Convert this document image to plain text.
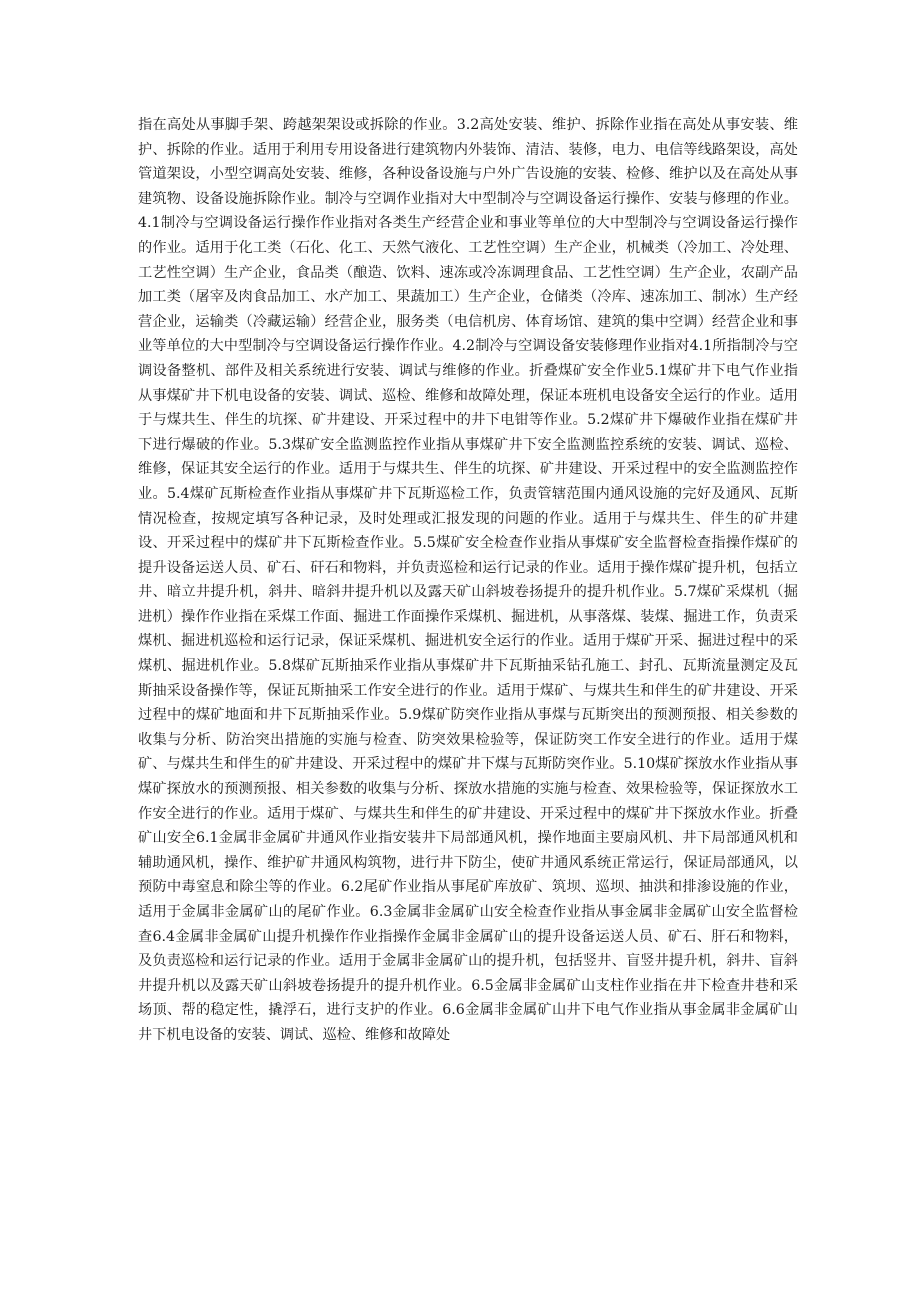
指在高处从事脚手架、跨越架架设或拆除的作业。3.2高处安装、维护、拆除作业指在高处从事安装、维护、拆除的作业。适用于利用专用设备进行建筑物内外装饰、清洁、装修，电力、电信等线路架设，高处管道架设，小型空调高处安装、维修，各种设备设施与户外广告设施的安装、检修、维护以及在高处从事建筑物、设备设施拆除作业。制冷与空调作业指对大中型制冷与空调设备运行操作、安装与修理的作业。4.1制冷与空调设备运行操作作业指对各类生产经营企业和事业等单位的大中型制冷与空调设备运行操作的作业。适用于化工类（石化、化工、天然气液化、工艺性空调）生产企业，机械类（冷加工、冷处理、工艺性空调）生产企业，食品类（酿造、饮料、速冻或冷冻调理食品、工艺性空调）生产企业，农副产品加工类（屠宰及肉食品加工、水产加工、果蔬加工）生产企业，仓储类（冷库、速冻加工、制冰）生产经营企业，运输类（冷藏运输）经营企业，服务类（电信机房、体育场馆、建筑的集中空调）经营企业和事业等单位的大中型制冷与空调设备运行操作作业。4.2制冷与空调设备安装修理作业指对4.1所指制冷与空调设备整机、部件及相关系统进行安装、调试与维修的作业。折叠煤矿安全作业5.1煤矿井下电气作业指从事煤矿井下机电设备的安装、调试、巡检、维修和故障处理，保证本班机电设备安全运行的作业。适用于与煤共生、伴生的坑探、矿井建设、开采过程中的井下电钳等作业。5.2煤矿井下爆破作业指在煤矿井下进行爆破的作业。5.3煤矿安全监测监控作业指从事煤矿井下安全监测监控系统的安装、调试、巡检、维修，保证其安全运行的作业。适用于与煤共生、伴生的坑探、矿井建设、开采过程中的安全监测监控作业。5.4煤矿瓦斯检查作业指从事煤矿井下瓦斯巡检工作，负责管辖范围内通风设施的完好及通风、瓦斯情况检查，按规定填写各种记录，及时处理或汇报发现的问题的作业。适用于与煤共生、伴生的矿井建设、开采过程中的煤矿井下瓦斯检查作业。5.5煤矿安全检查作业指从事煤矿安全监督检查指操作煤矿的提升设备运送人员、矿石、矸石和物料，并负责巡检和运行记录的作业。适用于操作煤矿提升机，包括立井、暗立井提升机，斜井、暗斜井提升机以及露天矿山斜坡卷扬提升的提升机作业。5.7煤矿采煤机（掘进机）操作作业指在采煤工作面、掘进工作面操作采煤机、掘进机，从事落煤、装煤、掘进工作，负责采煤机、掘进机巡检和运行记录，保证采煤机、掘进机安全运行的作业。适用于煤矿开采、掘进过程中的采煤机、掘进机作业。5.8煤矿瓦斯抽采作业指从事煤矿井下瓦斯抽采钻孔施工、封孔、瓦斯流量测定及瓦斯抽采设备操作等，保证瓦斯抽采工作安全进行的作业。适用于煤矿、与煤共生和伴生的矿井建设、开采过程中的煤矿地面和井下瓦斯抽采作业。5.9煤矿防突作业指从事煤与瓦斯突出的预测预报、相关参数的收集与分析、防治突出措施的实施与检查、防突效果检验等，保证防突工作安全进行的作业。适用于煤矿、与煤共生和伴生的矿井建设、开采过程中的煤矿井下煤与瓦斯防突作业。5.10煤矿探放水作业指从事煤矿探放水的预测预报、相关参数的收集与分析、探放水措施的实施与检查、效果检验等，保证探放水工作安全进行的作业。适用于煤矿、与煤共生和伴生的矿井建设、开采过程中的煤矿井下探放水作业。折叠矿山安全6.1金属非金属矿井通风作业指安装井下局部通风机，操作地面主要扇风机、井下局部通风机和辅助通风机，操作、维护矿井通风构筑物，进行井下防尘，使矿井通风系统正常运行，保证局部通风，以预防中毒窒息和除尘等的作业。6.2尾矿作业指从事尾矿库放矿、筑坝、巡坝、抽洪和排渗设施的作业，适用于金属非金属矿山的尾矿作业。6.3金属非金属矿山安全检查作业指从事金属非金属矿山安全监督检查6.4金属非金属矿山提升机操作作业指操作金属非金属矿山的提升设备运送人员、矿石、肝石和物料，及负责巡检和运行记录的作业。适用于金属非金属矿山的提升机，包括竖井、盲竖井提升机，斜井、盲斜井提升机以及露天矿山斜坡卷扬提升的提升机作业。6.5金属非金属矿山支柱作业指在井下检查井巷和采场顶、帮的稳定性，撬浮石，进行支护的作业。6.6金属非金属矿山井下电气作业指从事金属非金属矿山井下机电设备的安装、调试、巡检、维修和故障处
